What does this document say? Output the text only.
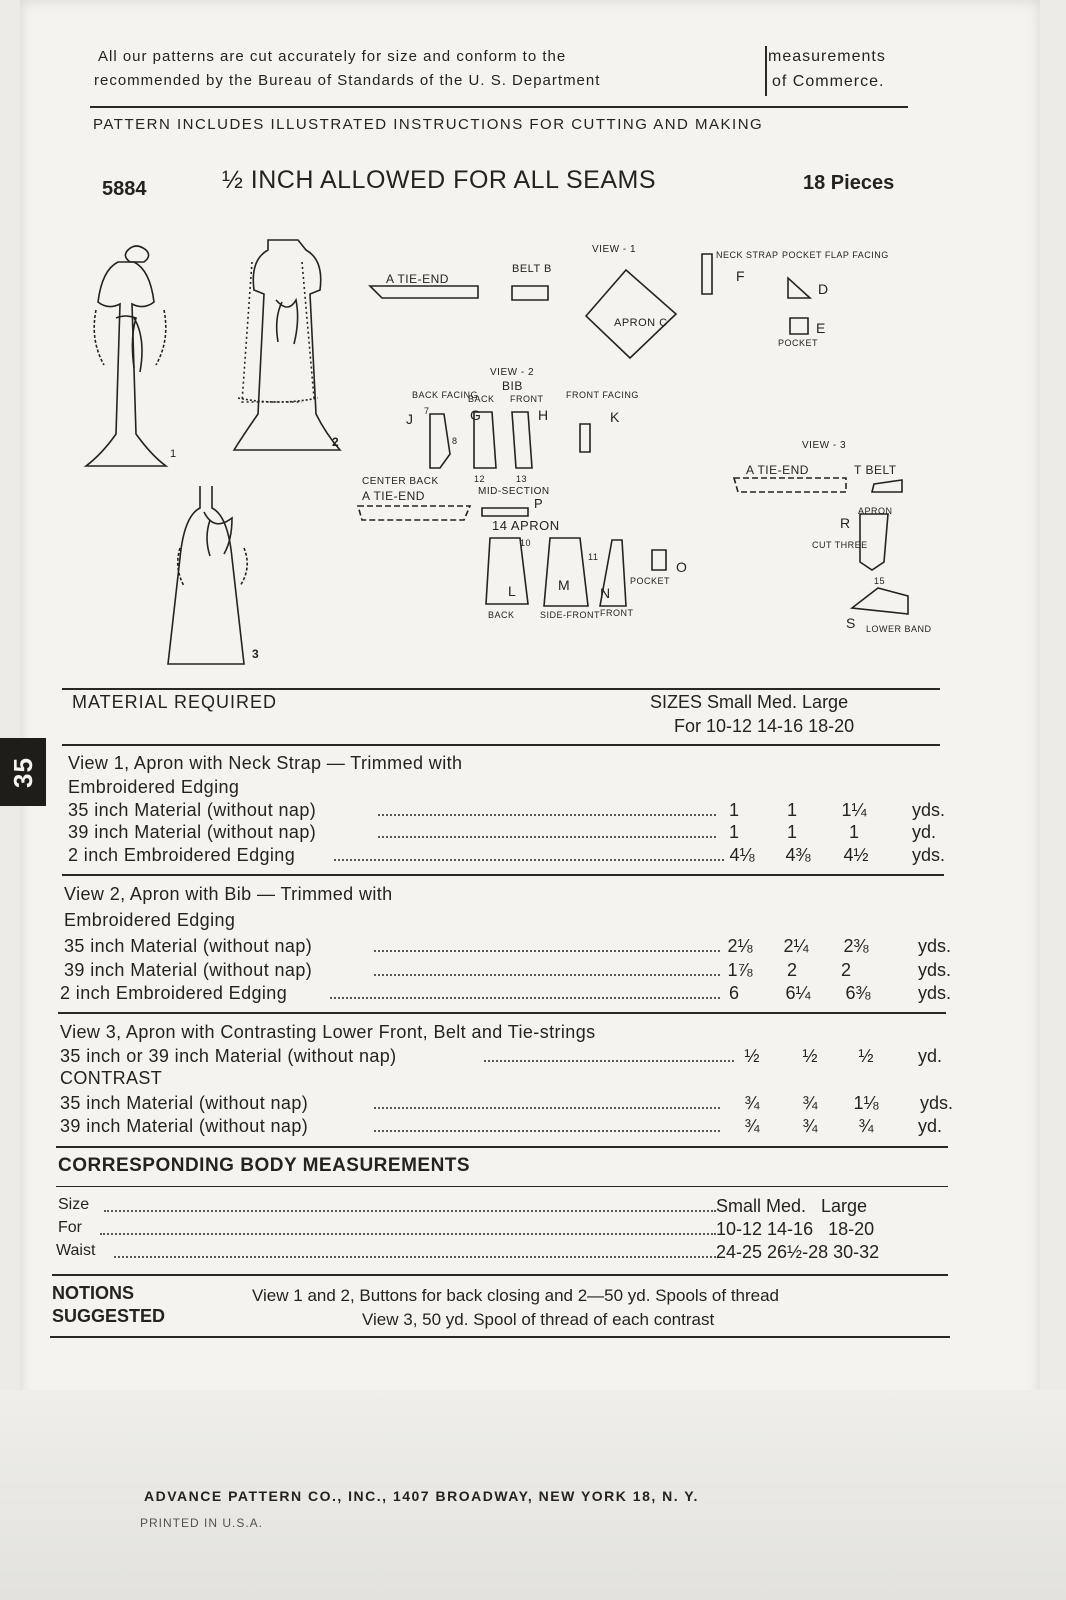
35
All our patterns are cut accurately for size and conform to the
recommended by the Bureau of Standards of the U. S. Department
measurements
of Commerce.
PATTERN INCLUDES ILLUSTRATED INSTRUCTIONS FOR CUTTING AND MAKING
5884	½ INCH ALLOWED FOR ALL SEAMS	18 Pieces
1
2
3
A TIE-END
BELT B
VIEW - 1
APRON C
NECK STRAP
F
POCKET FLAP FACING
D
E
POCKET
VIEW - 2
BIB
BACK FACING
BACK FRONT	FRONT FACING
J	G	H	K
CENTER BACK
A TIE-END	MID-SECTION
P
14 APRON
L	M N
O
POCKET
BACK	SIDE-FRONT FRONT
VIEW - 3
A TIE-END	T BELT
APRON
R
CUT THREE
S LOWER BAND
7
8
10
11
12	13
15
MATERIAL REQUIRED	SIZES Small Med. Large
For 10-12 14-16 18-20
View 1, Apron with Neck Strap — Trimmed with
Embroidered Edging
35 inch Material (without nap)	1	1	1¼	yds.
39 inch Material (without nap)	1	1	1	yd.
2 inch Embroidered Edging	4⅛	4⅜	4½	yds.
View 2, Apron with Bib — Trimmed with
Embroidered Edging
35 inch Material (without nap)	2⅛	2¼	2⅜	yds.
39 inch Material (without nap)	1⅞	2	2	yds.
2 inch Embroidered Edging	6	6¼	6⅜	yds.
View 3, Apron with Contrasting Lower Front, Belt and Tie-strings
35 inch or 39 inch Material (without nap)	½	½	½	yd.
CONTRAST
35 inch Material (without nap)	¾	¾	1⅛	yds.
39 inch Material (without nap)	¾	¾	¾	yd.
CORRESPONDING BODY MEASUREMENTS
Size	Small Med.   Large
For	10-12 14-16   18-20
Waist	24-25 26½-28 30-32
NOTIONS
SUGGESTED
View 1 and 2, Buttons for back closing and 2—50 yd. Spools of thread
View 3, 50 yd. Spool of thread of each contrast
ADVANCE PATTERN CO., INC., 1407 BROADWAY, NEW YORK 18, N. Y.
PRINTED IN U.S.A.
